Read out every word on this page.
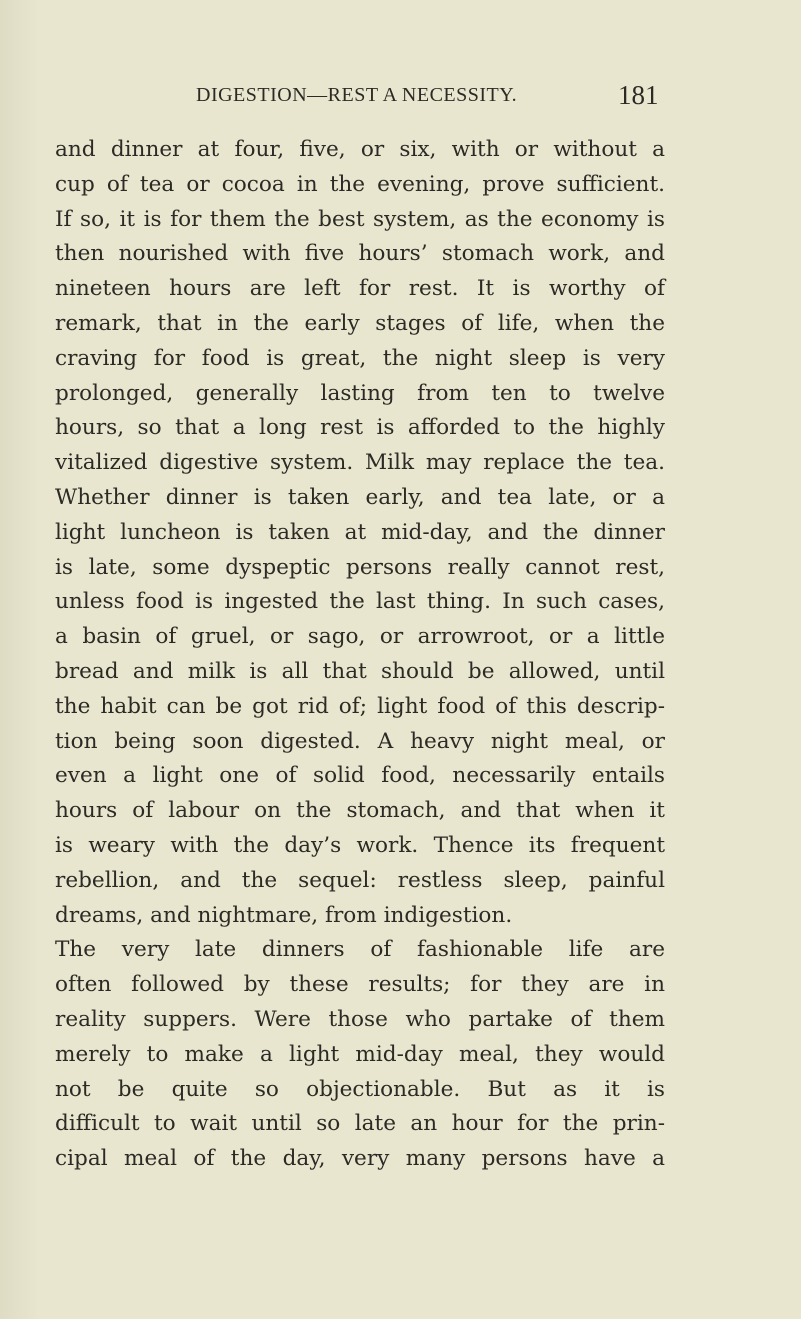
DIGESTION—REST A NECESSITY.	181
and dinner at four, five, or six, with or without a
cup of tea or cocoa in the evening, prove sufficient.
If so, it is for them the best system, as the economy is
then nourished with five hours’ stomach work, and
nineteen hours are left for rest. It is worthy of
remark, that in the early stages of life, when the
craving for food is great, the night sleep is very
prolonged, generally lasting from ten to twelve
hours, so that a long rest is afforded to the highly
vitalized digestive system. Milk may replace the tea.
Whether dinner is taken early, and tea late, or a
light luncheon is taken at mid-day, and the dinner
is late, some dyspeptic persons really cannot rest,
unless food is ingested the last thing. In such cases,
a basin of gruel, or sago, or arrowroot, or a little
bread and milk is all that should be allowed, until
the habit can be got rid of; light food of this descrip-
tion being soon digested. A heavy night meal, or
even a light one of solid food, necessarily entails
hours of labour on the stomach, and that when it
is weary with the day’s work. Thence its frequent
rebellion, and the sequel: restless sleep, painful
dreams, and nightmare, from indigestion.
The very late dinners of fashionable life are
often followed by these results; for they are in
reality suppers. Were those who partake of them
merely to make a light mid-day meal, they would
not be quite so objectionable. But as it is
difficult to wait until so late an hour for the prin-
cipal meal of the day, very many persons have a
